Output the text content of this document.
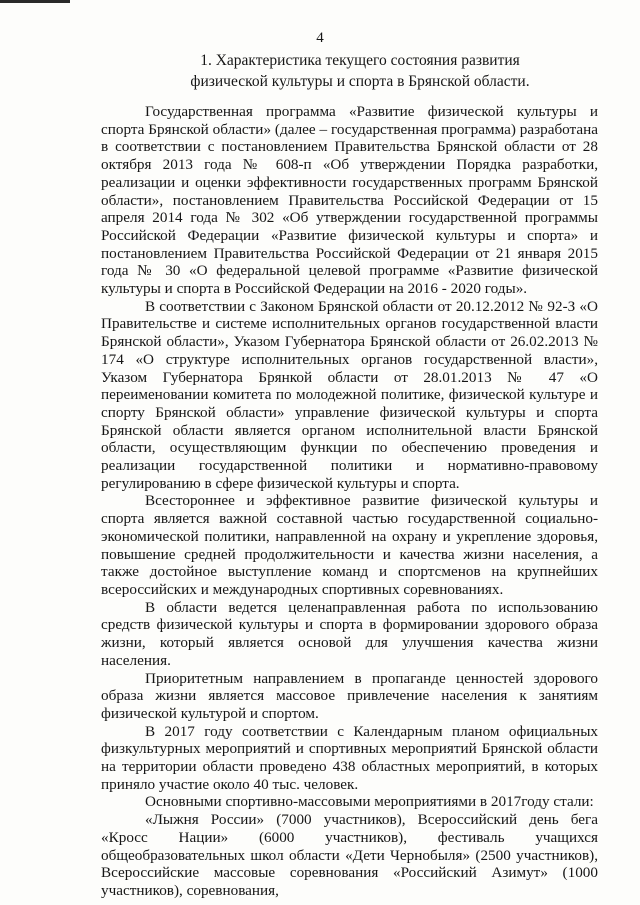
4
1. Характеристика текущего состояния развития
физической культуры и спорта в Брянской области.

Государственная программа «Развитие физической культуры и спорта Брянской области» (далее – государственная программа) разработана в соответствии с постановлением Правительства Брянской области от 28 октября 2013 года № 608-п «Об утверждении Порядка разработки, реализации и оценки эффективности государственных программ Брянской области», постановлением Правительства Российской Федерации от 15 апреля 2014 года № 302 «Об утверждении государственной программы Российской Федерации «Развитие физической культуры и спорта» и постановлением Правительства Российской Федерации от 21 января 2015 года № 30 «О федеральной целевой программе «Развитие физической культуры и спорта в Российской Федерации на 2016 - 2020 годы».

В соответствии с Законом Брянской области от 20.12.2012 № 92-З «О Правительстве и системе исполнительных органов государственной власти Брянской области», Указом Губернатора Брянской области от 26.02.2013 № 174 «О структуре исполнительных органов государственной власти», Указом Губернатора Брянкой области от 28.01.2013 № 47 «О переименовании комитета по молодежной политике, физической культуре и спорту Брянской области» управление физической культуры и спорта Брянской области является органом исполнительной власти Брянской области, осуществляющим функции по обеспечению проведения и реализации государственной политики и нормативно-правовому регулированию в сфере физической культуры и спорта.

Всестороннее и эффективное развитие физической культуры и спорта является важной составной частью государственной социально-экономической политики, направленной на охрану и укрепление здоровья, повышение средней продолжительности и качества жизни населения, а также достойное выступление команд и спортсменов на крупнейших всероссийских и международных спортивных соревнованиях.

В области ведется целенаправленная работа по использованию средств физической культуры и спорта в формировании здорового образа жизни, который является основой для улучшения качества жизни населения.

Приоритетным направлением в пропаганде ценностей здорового образа жизни является массовое привлечение населения к занятиям физической культурой и спортом.

В 2017 году соответствии с Календарным планом официальных физкультурных мероприятий и спортивных мероприятий Брянской области на территории области проведено 438 областных мероприятий, в которых приняло участие около 40 тыс. человек.

Основными спортивно-массовыми мероприятиями в 2017году стали:

«Лыжня России» (7000 участников), Всероссийский день бега «Кросс Нации» (6000 участников), фестиваль учащихся общеобразовательных школ области «Дети Чернобыля» (2500 участников), Всероссийские массовые соревнования «Российский Азимут» (1000 участников), соревнования,
